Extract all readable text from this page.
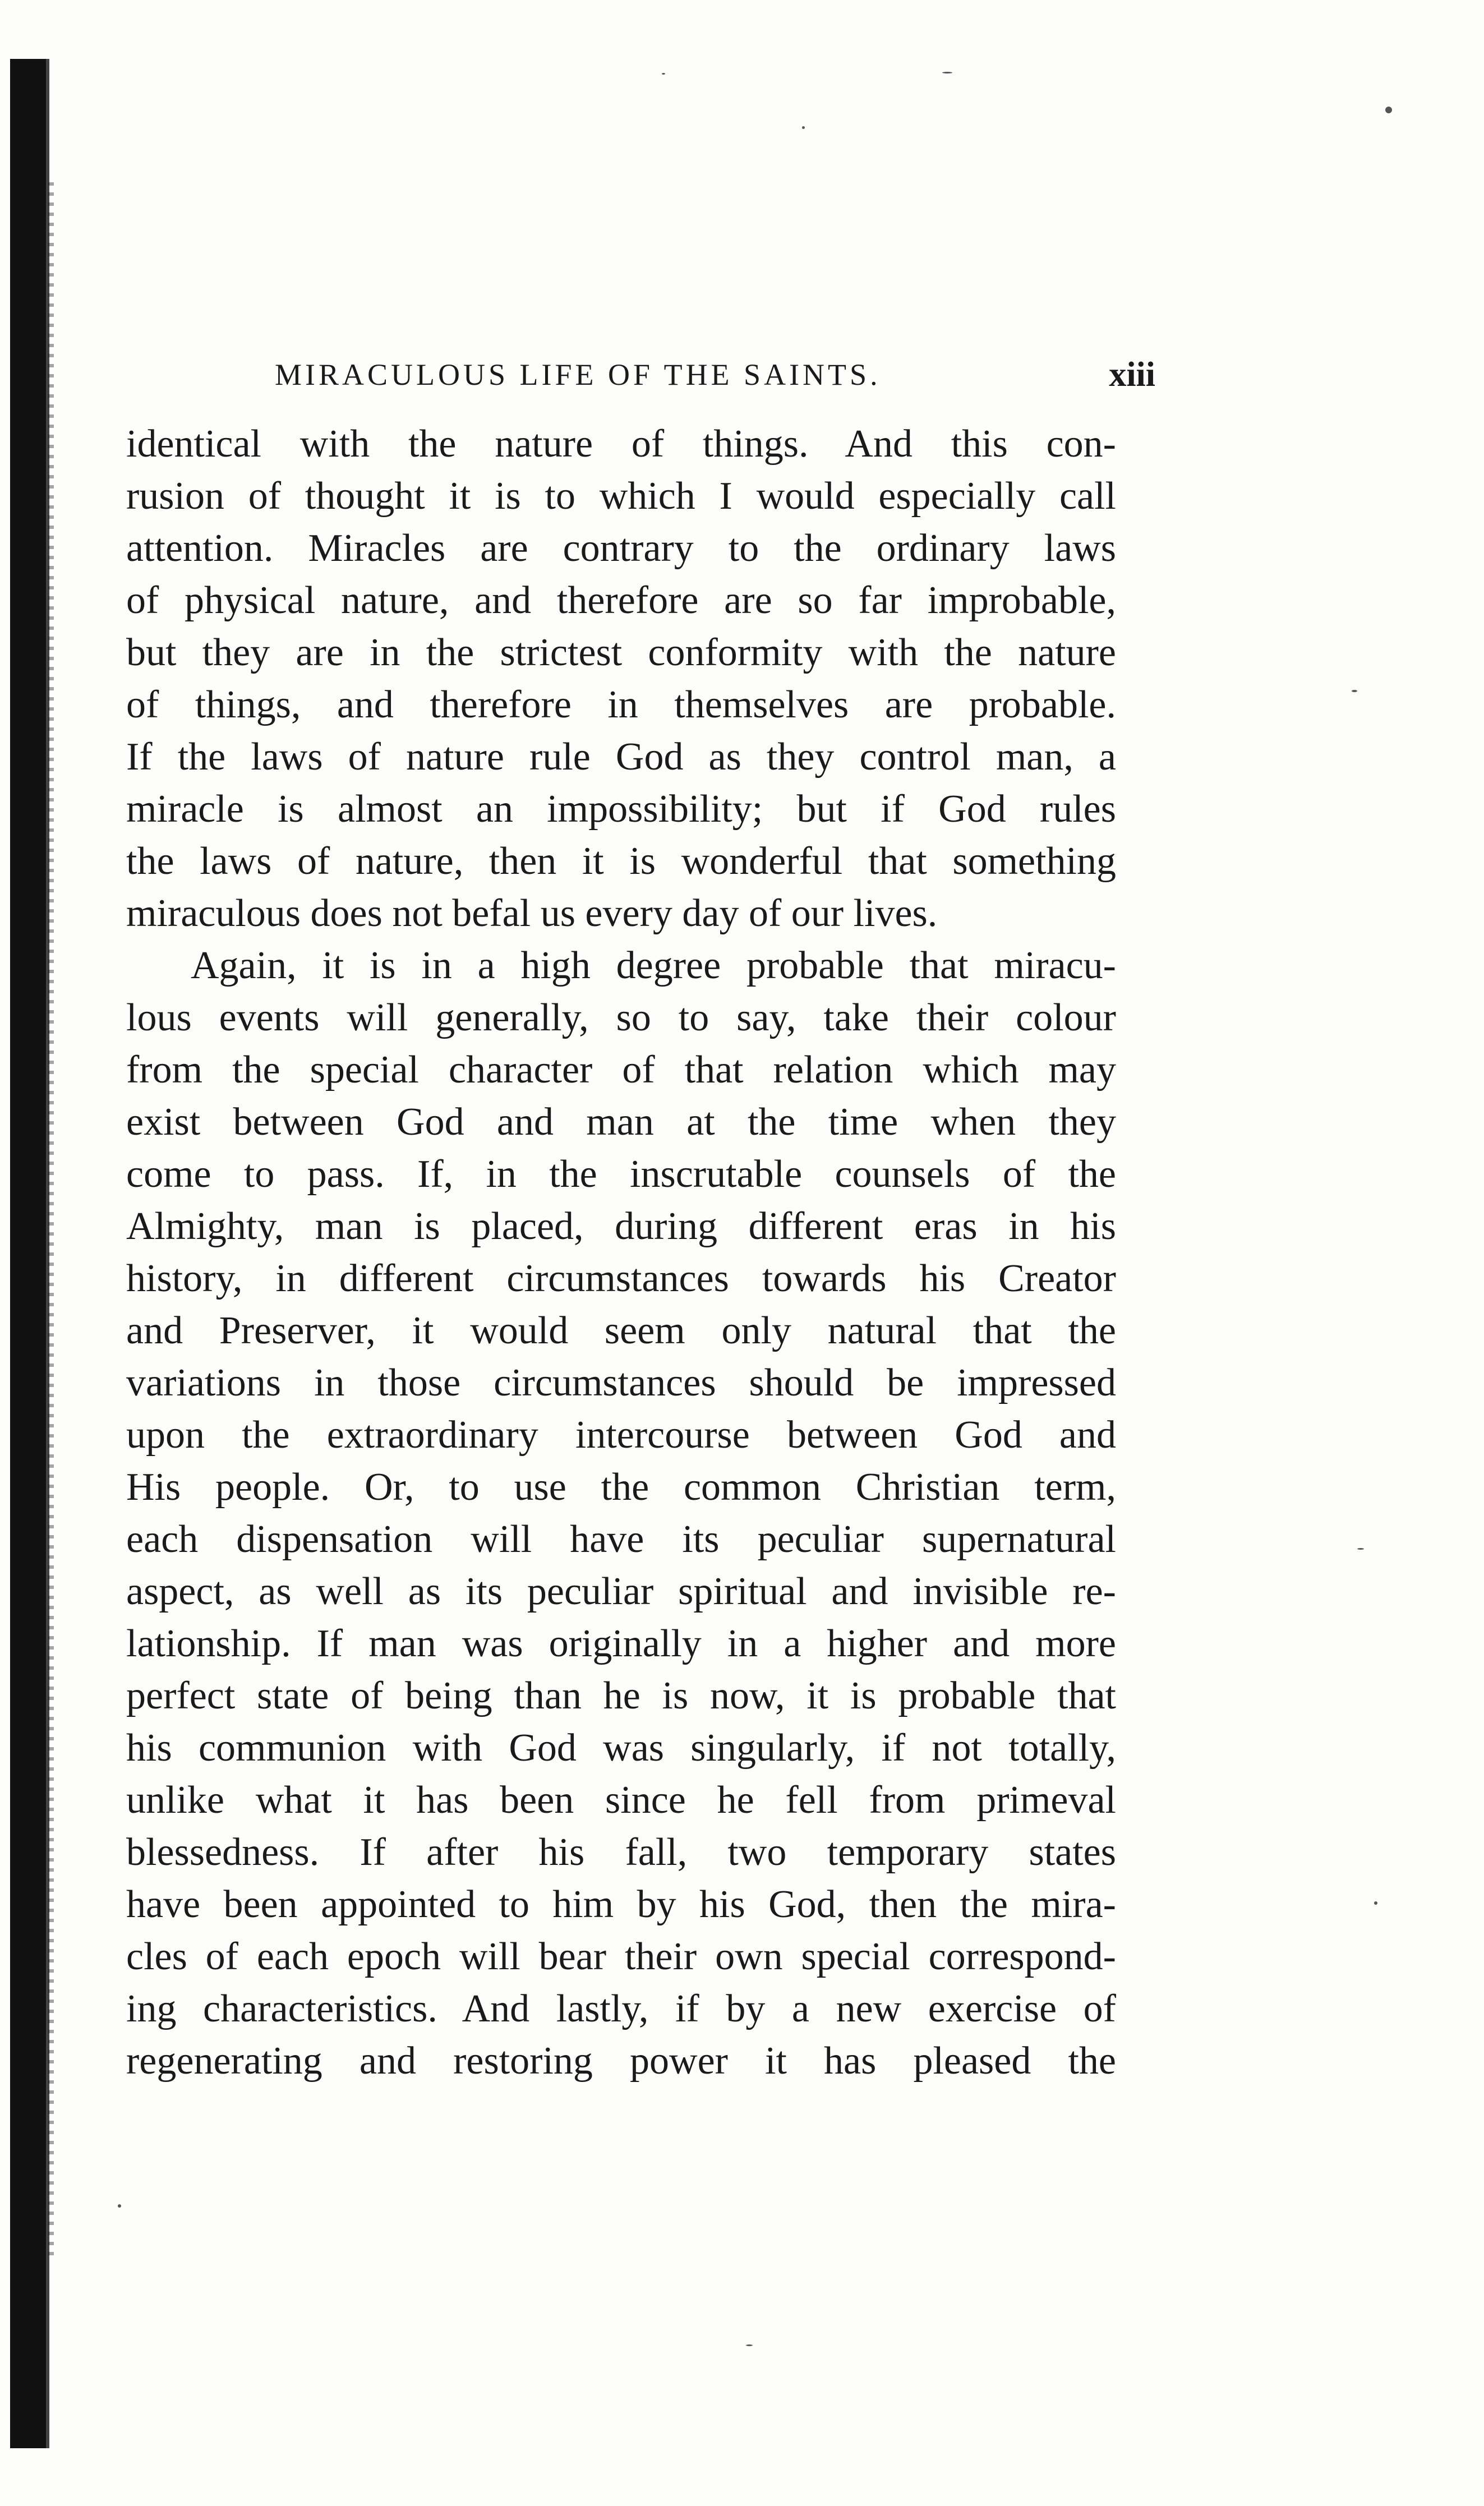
MIRACULOUS LIFE OF THE SAINTS.	xiii
identical with the nature of things. And this con-
rusion of thought it is to which I would especially call
attention. Miracles are contrary to the ordinary laws
of physical nature, and therefore are so far improbable,
but they are in the strictest conformity with the nature
of things, and therefore in themselves are probable.
If the laws of nature rule God as they control man, a
miracle is almost an impossibility; but if God rules
the laws of nature, then it is wonderful that something
miraculous does not befal us every day of our lives.
Again, it is in a high degree probable that miracu-
lous events will generally, so to say, take their colour
from the special character of that relation which may
exist between God and man at the time when they
come to pass. If, in the inscrutable counsels of the
Almighty, man is placed, during different eras in his
history, in different circumstances towards his Creator
and Preserver, it would seem only natural that the
variations in those circumstances should be impressed
upon the extraordinary intercourse between God and
His people. Or, to use the common Christian term,
each dispensation will have its peculiar supernatural
aspect, as well as its peculiar spiritual and invisible re-
lationship. If man was originally in a higher and more
perfect state of being than he is now, it is probable that
his communion with God was singularly, if not totally,
unlike what it has been since he fell from primeval
blessedness. If after his fall, two temporary states
have been appointed to him by his God, then the mira-
cles of each epoch will bear their own special correspond-
ing characteristics. And lastly, if by a new exercise of
regenerating and restoring power it has pleased the
